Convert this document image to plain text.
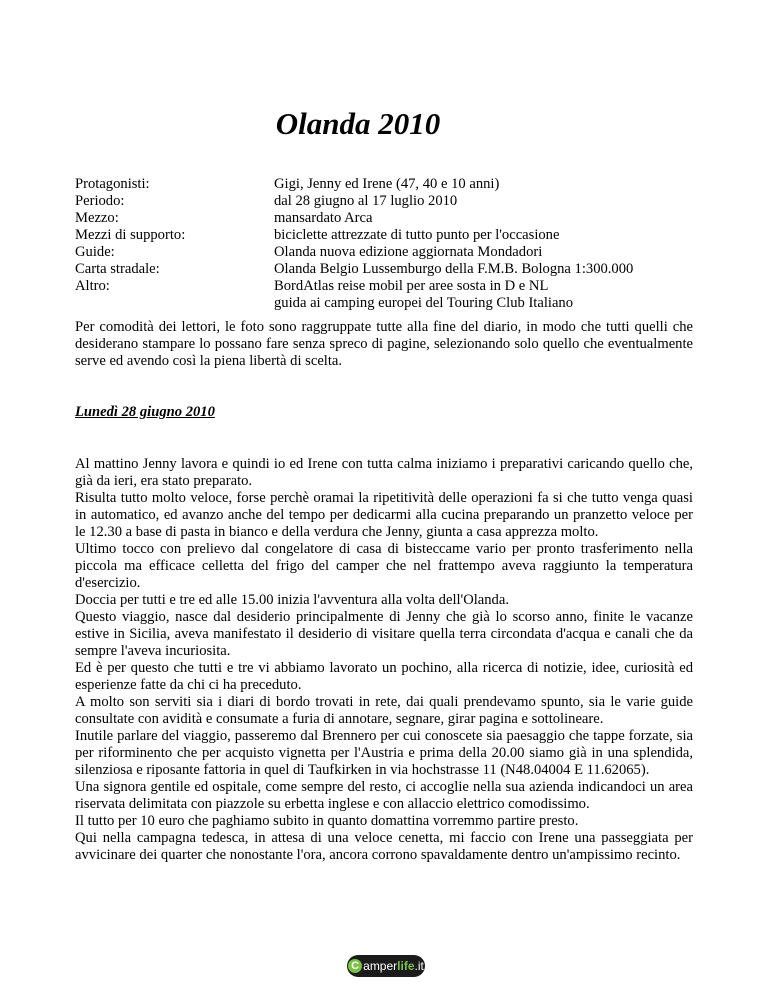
Olanda 2010
Protagonisti:	Gigi, Jenny ed Irene (47, 40 e 10 anni)
Periodo:	dal 28 giugno al 17 luglio 2010
Mezzo:	mansardato Arca
Mezzi di supporto:	biciclette attrezzate di tutto punto per l'occasione
Guide:	Olanda nuova edizione aggiornata Mondadori
Carta stradale:	Olanda Belgio Lussemburgo della F.M.B. Bologna 1:300.000
Altro:	BordAtlas reise mobil per aree sosta in D e NL
guida ai camping europei del Touring Club Italiano

Per comodità dei lettori, le foto sono raggruppate tutte alla fine del diario, in modo che tutti quelli che desiderano stampare lo possano fare senza spreco di pagine, selezionando solo quello che eventualmente serve ed avendo così la piena libertà di scelta.

Lunedì 28 giugno 2010

Al mattino Jenny lavora e quindi io ed Irene con tutta calma iniziamo i preparativi caricando quello che, già da ieri, era stato preparato.

Risulta tutto molto veloce, forse perchè oramai la ripetitività delle operazioni fa si che tutto venga quasi in automatico, ed avanzo anche del tempo per dedicarmi alla cucina preparando un pranzetto veloce per le 12.30 a base di pasta in bianco e della verdura che Jenny, giunta a casa apprezza molto.

Ultimo tocco con prelievo dal congelatore di casa di bisteccame vario per pronto trasferimento nella piccola ma efficace celletta del frigo del camper che nel frattempo aveva raggiunto la temperatura d'esercizio.

Doccia per tutti e tre ed alle 15.00 inizia l'avventura alla volta dell'Olanda.

Questo viaggio, nasce dal desiderio principalmente di Jenny che già lo scorso anno, finite le vacanze estive in Sicilia, aveva manifestato il desiderio di visitare quella terra circondata d'acqua e canali che da sempre l'aveva incuriosita.

Ed è per questo che tutti e tre vi abbiamo lavorato un pochino, alla ricerca di notizie, idee, curiosità ed esperienze fatte da chi ci ha preceduto.

A molto son serviti sia i diari di bordo trovati in rete, dai quali prendevamo spunto, sia le varie guide consultate con avidità e consumate a furia di annotare, segnare, girar pagina e sottolineare.

Inutile parlare del viaggio, passeremo dal Brennero per cui conoscete sia paesaggio che tappe forzate, sia per riforminento che per acquisto vignetta per l'Austria e prima della 20.00 siamo già in una splendida, silenziosa e riposante fattoria in quel di Taufkirken in via hochstrasse 11 (N48.04004 E 11.62065).

Una signora gentile ed ospitale, come sempre del resto, ci accoglie nella sua azienda indicandoci un area riservata delimitata con piazzole su erbetta inglese e con allaccio elettrico comodissimo.

Il tutto per 10 euro che paghiamo subito in quanto domattina vorremmo partire presto.

Qui nella campagna tedesca, in attesa di una veloce cenetta, mi faccio con Irene una passeggiata per avvicinare dei quarter che nonostante l'ora, ancora corrono spavaldamente dentro un'ampissimo recinto.

C amper life .it
